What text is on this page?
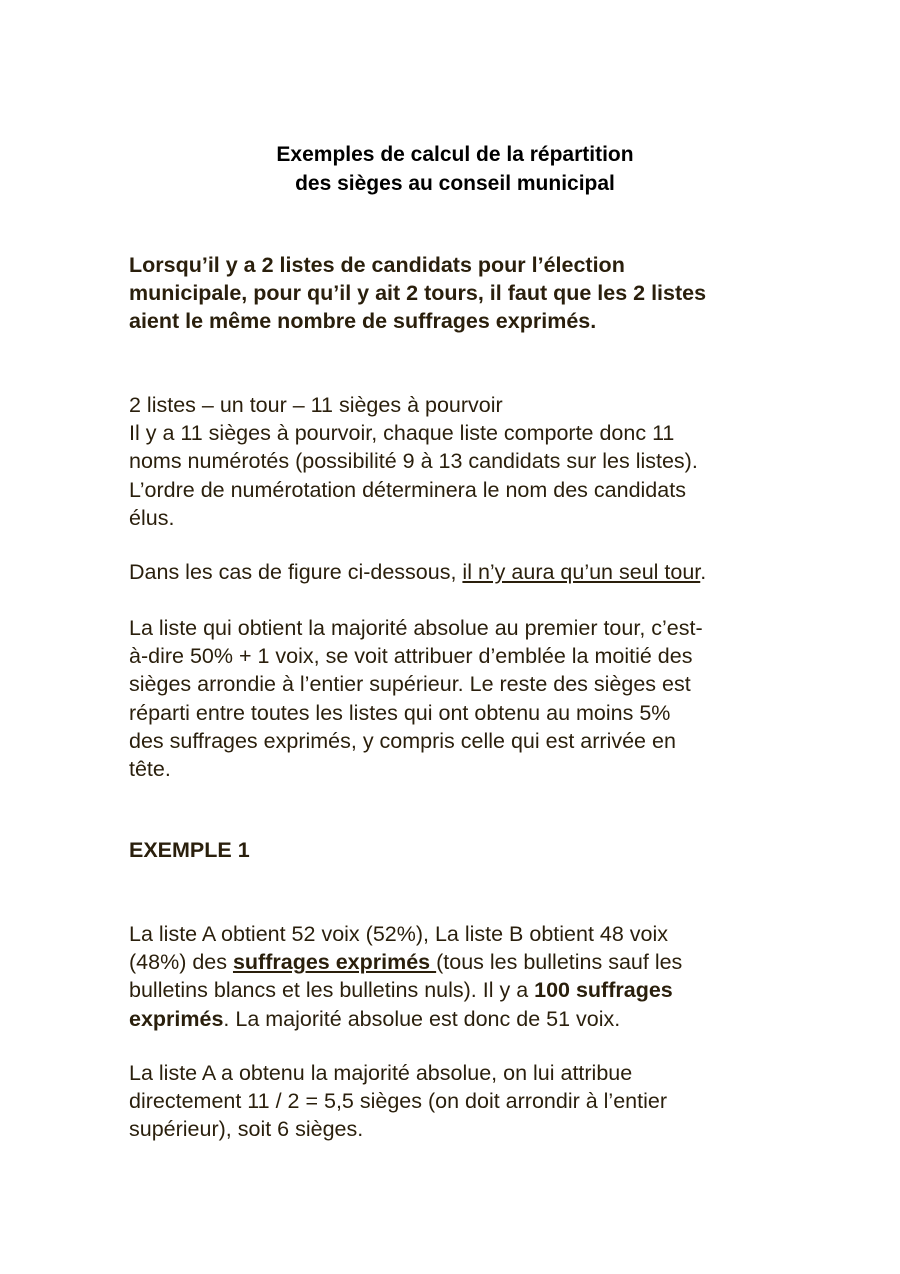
Exemples de calcul de la répartition
des sièges au conseil municipal
Lorsqu’il y a 2 listes de candidats pour l’élection
municipale, pour qu’il y ait 2 tours, il faut que les 2 listes
aient le même nombre de suffrages exprimés.
2 listes – un tour – 11 sièges à pourvoir
Il y a 11 sièges à pourvoir, chaque liste comporte donc 11
noms numérotés (possibilité 9 à 13 candidats sur les listes).
L’ordre de numérotation déterminera le nom des candidats
élus.
Dans les cas de figure ci-dessous, il n’y aura qu’un seul tour.
La liste qui obtient la majorité absolue au premier tour, c’est-
à-dire 50% + 1 voix, se voit attribuer d’emblée la moitié des
sièges arrondie à l’entier supérieur. Le reste des sièges est
réparti entre toutes les listes qui ont obtenu au moins 5%
des suffrages exprimés, y compris celle qui est arrivée en
tête.
EXEMPLE 1
La liste A obtient 52 voix (52%), La liste B obtient 48 voix
(48%) des suffrages exprimés (tous les bulletins sauf les
bulletins blancs et les bulletins nuls). Il y a 100 suffrages
exprimés. La majorité absolue est donc de 51 voix.
La liste A a obtenu la majorité absolue, on lui attribue
directement 11 / 2 = 5,5 sièges (on doit arrondir à l’entier
supérieur), soit 6 sièges.
